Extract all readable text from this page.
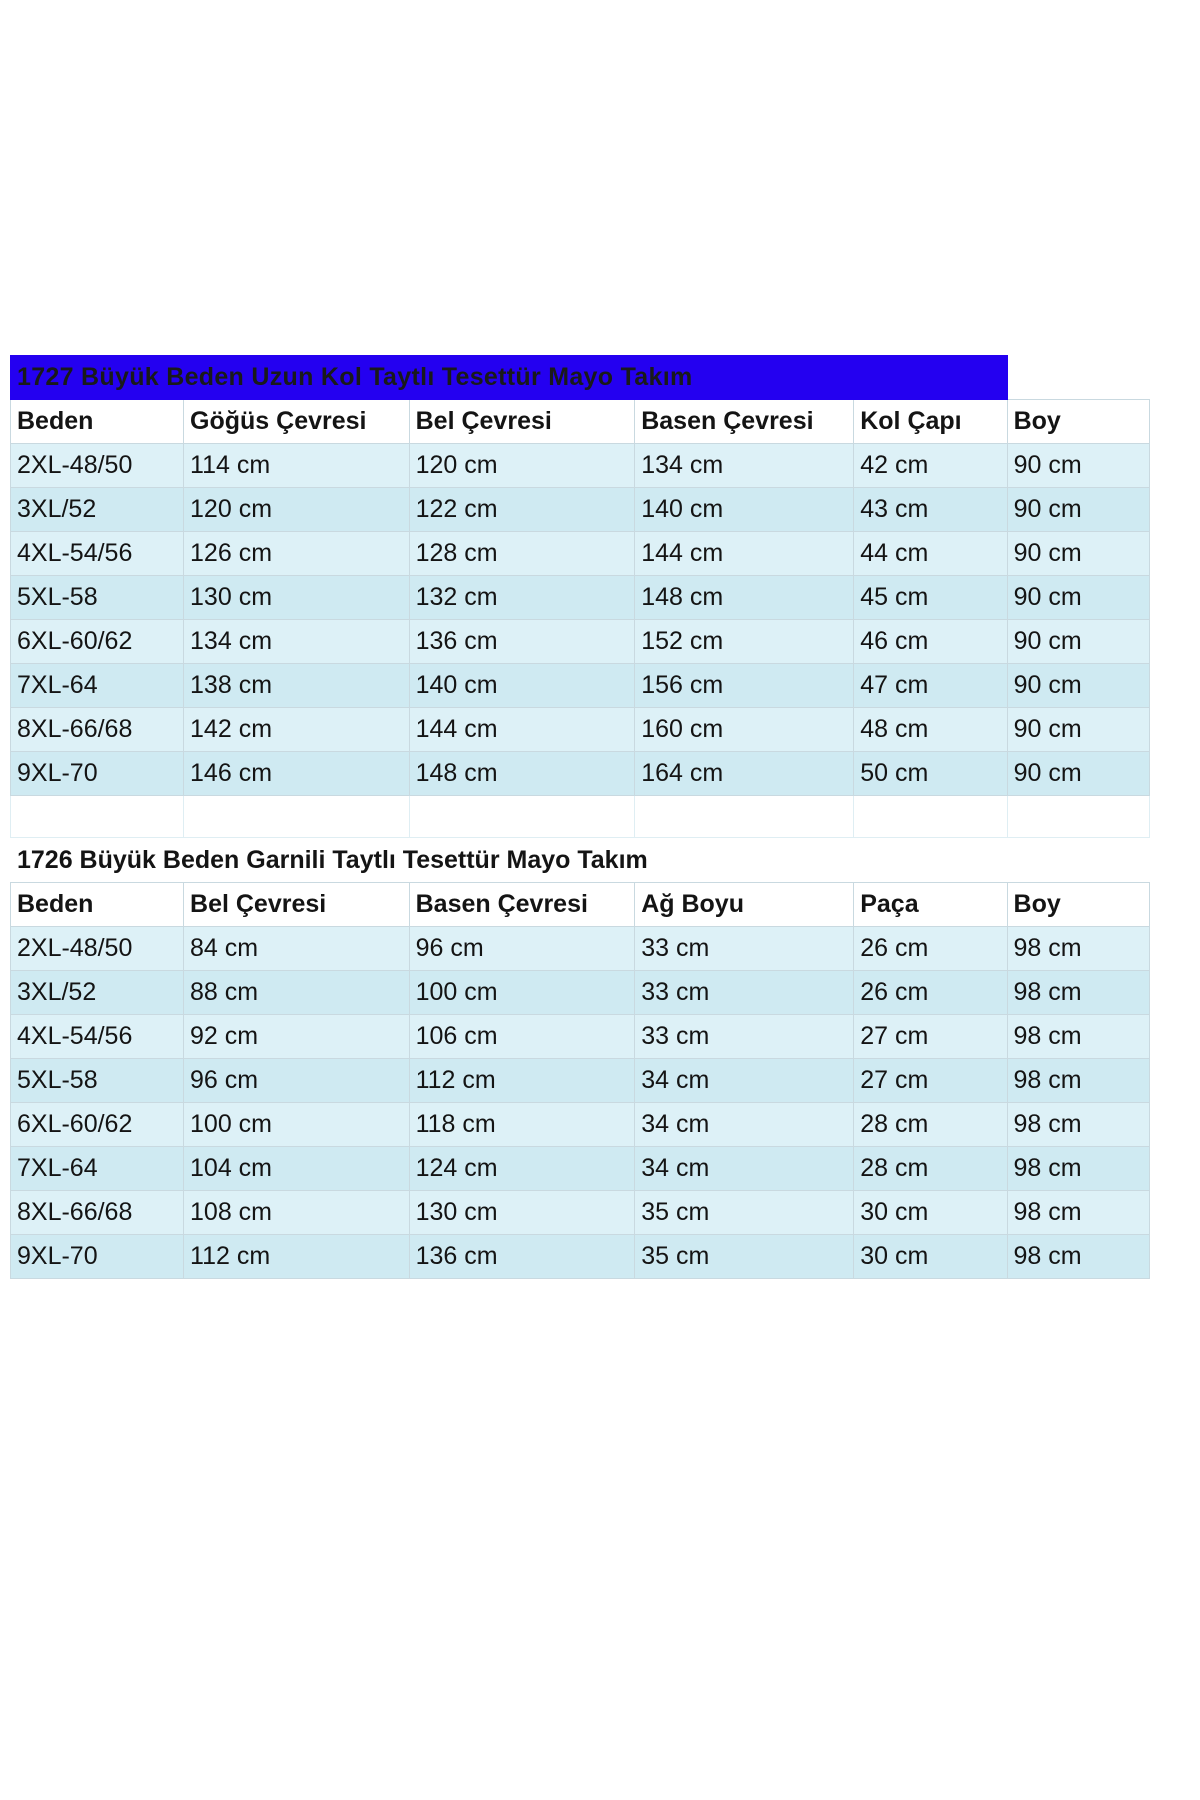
1727 Büyük Beden Uzun Kol Taytlı Tesettür Mayo Takım					
Beden	Göğüs Çevresi	Bel Çevresi	Basen Çevresi	Kol Çapı	Boy
2XL-48/50	114 cm	120 cm	134 cm	42 cm	90 cm
3XL/52	120 cm	122 cm	140 cm	43 cm	90 cm
4XL-54/56	126 cm	128 cm	144 cm	44 cm	90 cm
5XL-58	130 cm	132 cm	148 cm	45 cm	90 cm
6XL-60/62	134 cm	136 cm	152 cm	46 cm	90 cm
7XL-64	138 cm	140 cm	156 cm	47 cm	90 cm
8XL-66/68	142 cm	144 cm	160 cm	48 cm	90 cm
9XL-70	146 cm	148 cm	164 cm	50 cm	90 cm

1726 Büyük Beden Garnili Taytlı Tesettür Mayo Takım					
Beden	Bel Çevresi	Basen Çevresi	Ağ Boyu	Paça	Boy
2XL-48/50	84 cm	96 cm	33 cm	26 cm	98 cm
3XL/52	88 cm	100 cm	33 cm	26 cm	98 cm
4XL-54/56	92 cm	106 cm	33 cm	27 cm	98 cm
5XL-58	96 cm	112 cm	34 cm	27 cm	98 cm
6XL-60/62	100 cm	118 cm	34 cm	28 cm	98 cm
7XL-64	104 cm	124 cm	34 cm	28 cm	98 cm
8XL-66/68	108 cm	130 cm	35 cm	30 cm	98 cm
9XL-70	112 cm	136 cm	35 cm	30 cm	98 cm
